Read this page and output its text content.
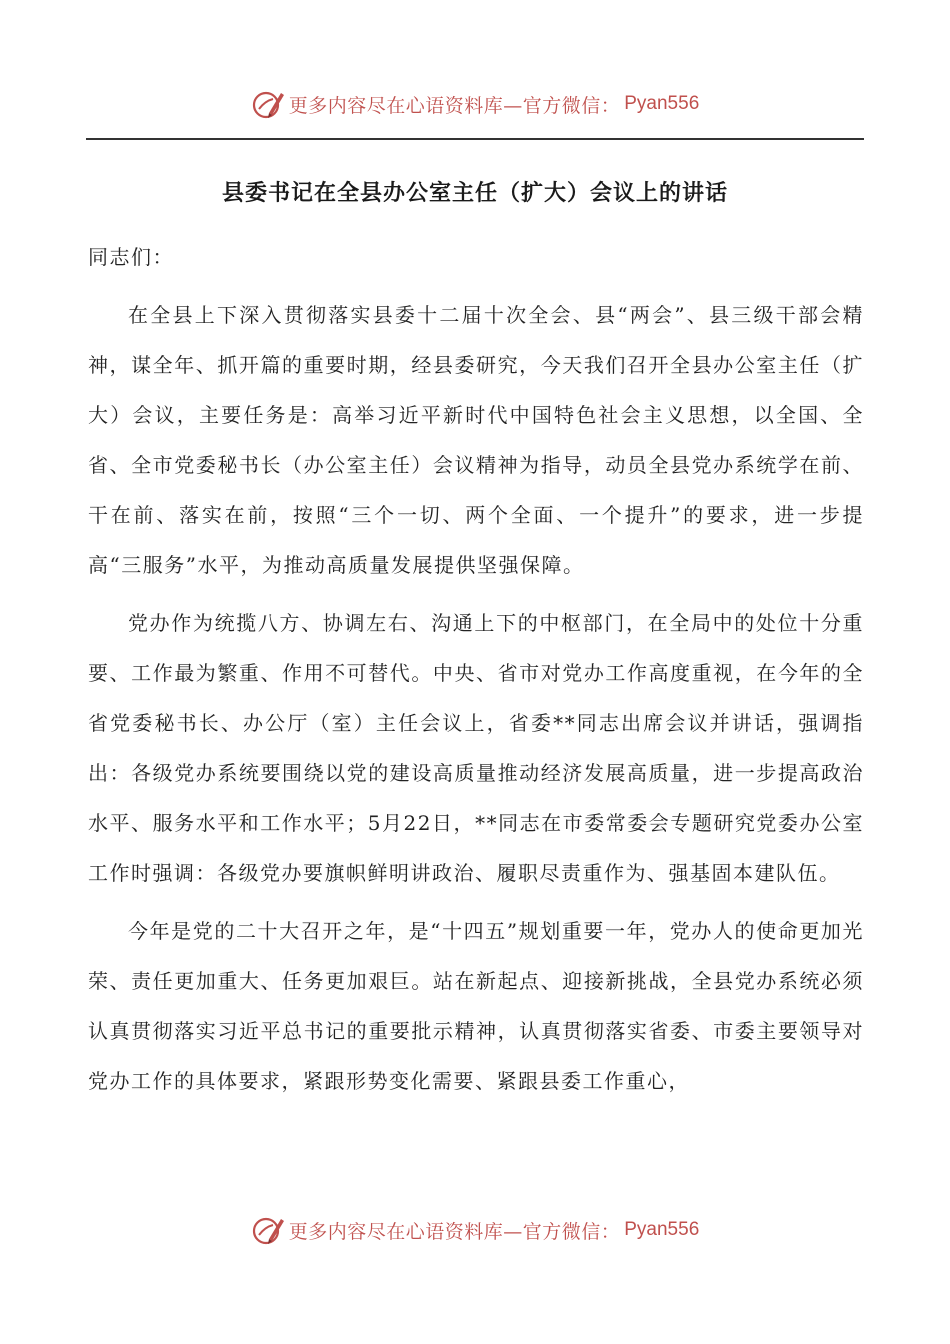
更多内容尽在心语资料库—官方微信： Pyan556
县委书记在全县办公室主任（扩大）会议上的讲话

同志们：

在全县上下深入贯彻落实县委十二届十次全会、县“两会”、县三级干部会精神，谋全年、抓开篇的重要时期，经县委研究，今天我们召开全县办公室主任（扩大）会议，主要任务是：高举习近平新时代中国特色社会主义思想，以全国、全省、全市党委秘书长（办公室主任）会议精神为指导，动员全县党办系统学在前、干在前、落实在前，按照“三个一切、两个全面、一个提升”的要求，进一步提高“三服务”水平，为推动高质量发展提供坚强保障。

党办作为统揽八方、协调左右、沟通上下的中枢部门，在全局中的处位十分重要、工作最为繁重、作用不可替代。中央、省市对党办工作高度重视，在今年的全省党委秘书长、办公厅（室）主任会议上，省委**同志出席会议并讲话，强调指出：各级党办系统要围绕以党的建设高质量推动经济发展高质量，进一步提高政治水平、服务水平和工作水平；5月22日，**同志在市委常委会专题研究党委办公室工作时强调：各级党办要旗帜鲜明讲政治、履职尽责重作为、强基固本建队伍。

今年是党的二十大召开之年，是“十四五”规划重要一年，党办人的使命更加光荣、责任更加重大、任务更加艰巨。站在新起点、迎接新挑战，全县党办系统必须认真贯彻落实习近平总书记的重要批示精神，认真贯彻落实省委、市委主要领导对党办工作的具体要求，紧跟形势变化需要、紧跟县委工作重心，

更多内容尽在心语资料库—官方微信： Pyan556
